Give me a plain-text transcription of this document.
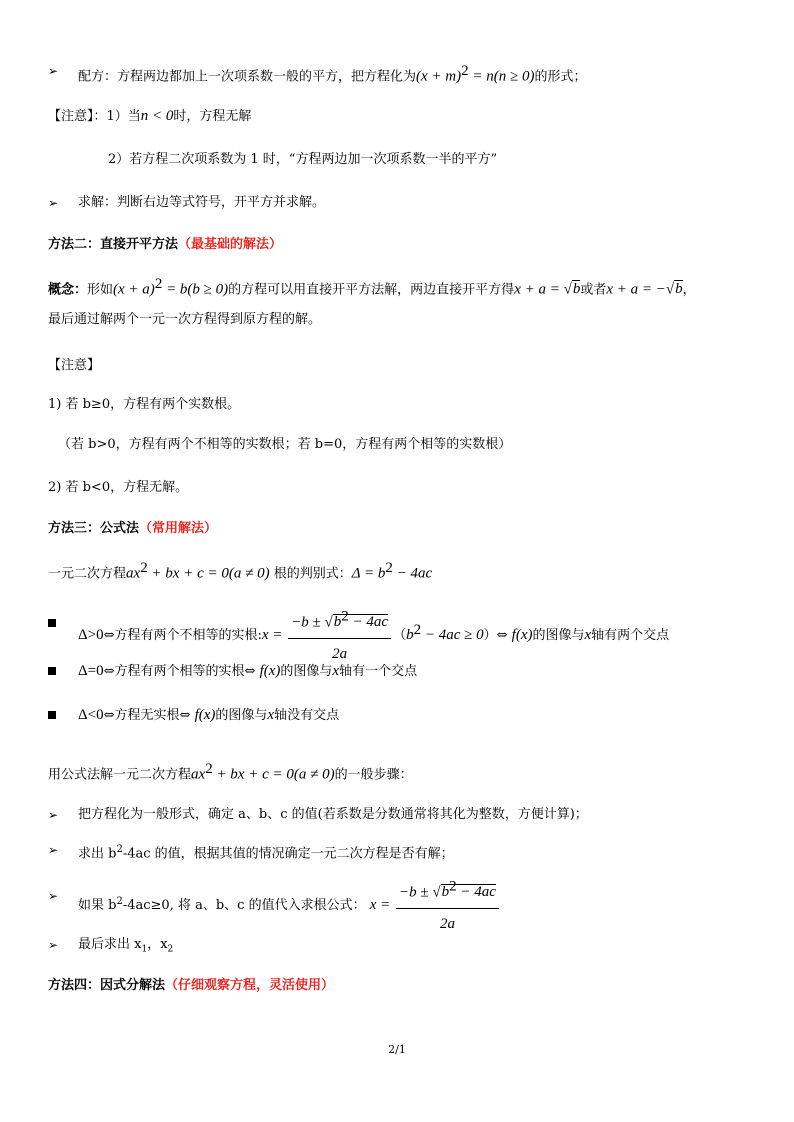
➢ 配方：方程两边都加上一次项系数一般的平方，把方程化为$(x + m)^2 = n(n \ge 0)$的形式；
【注意】：1）当n < 0时，方程无解
2）若方程二次项系数为 1 时，“方程两边加一次项系数一半的平方”
➢ 求解：判断右边等式符号，开平方并求解。
方法二：直接开平方法（最基础的解法）
概念：形如$(x + a)^2 = b(b \ge 0)$的方程可以用直接开平方法解，两边直接开平方得x + a = √b或者x + a = −√b，
最后通过解两个一元一次方程得到原方程的解。
【注意】
1) 若 b≥0，方程有两个实数根。
（若 b>0，方程有两个不相等的实数根；若 b=0，方程有两个相等的实数根）
2) 若 b<0，方程无解。
方法三：公式法（常用解法）
一元二次方程$ax^2$ + bx + c = 0(a ≠ 0) 根的判别式：$\Delta = b^2 - 4ac$
Δ>0⇔方程有两个不相等的实根:x = $\frac{-b \pm √b^2 - 4ac}{2a} (b^2 - 4ac$ ≥ 0）⇔ f(x)的图像与x轴有两个交点
Δ=0⇔方程有两个相等的实根⇔ f(x)的图像与x轴有一个交点
Δ<0⇔方程无实根⇔ f(x)的图像与x轴没有交点
用公式法解一元二次方程$ax^2$ + bx + c = 0(a ≠ 0)的一般步骤：
➢ 把方程化为一般形式，确定 a、b、c 的值(若系数是分数通常将其化为整数，方便计算)；
➢ 求出 $b^2-4ac$ 的值，根据其值的情况确定一元二次方程是否有解；
➢
如果 $b^2-4ac\ge 0$, 将 a、b、c 的值代入求根公式： $x = \frac{-b \pm √b^2 - 4ac}{2a}$
➢ 最后求出 $x_1$，$x_2$
方法四：因式分解法（仔细观察方程，灵活使用）
2/1
